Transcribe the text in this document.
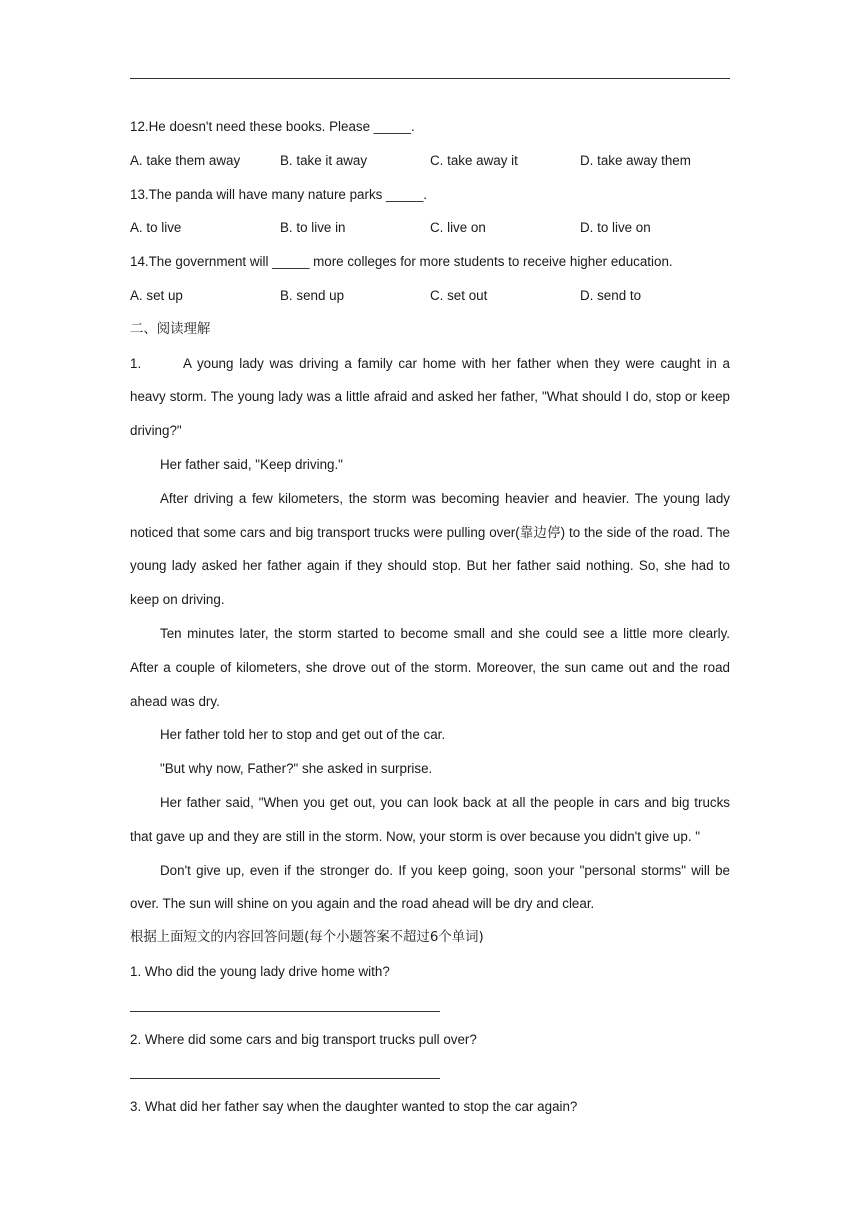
12.He doesn't need these books. Please _____.
A. take them away	B. take it away	C. take away it	D. take away them
13.The panda will have many nature parks _____.
A. to live	B. to live in	C. live on	D. to live on
14.The government will _____ more colleges for more students to receive higher education.
A. set up	B. send up	C. set out	D. send to
二、阅读理解
1.	A young lady was driving a family car home with her father when they were caught in a heavy storm. The young lady was a little afraid and asked her father, "What should I do, stop or keep driving?"
Her father said, "Keep driving."
After driving a few kilometers, the storm was becoming heavier and heavier. The young lady noticed that some cars and big transport trucks were pulling over(靠边停) to the side of the road. The young lady asked her father again if they should stop. But her father said nothing. So, she had to keep on driving.
Ten minutes later, the storm started to become small and she could see a little more clearly. After a couple of kilometers, she drove out of the storm. Moreover, the sun came out and the road ahead was dry.
Her father told her to stop and get out of the car.
"But why now, Father?" she asked in surprise.
Her father said, "When you get out, you can look back at all the people in cars and big trucks that gave up and they are still in the storm. Now, your storm is over because you didn't give up. "
Don't give up, even if the stronger do. If you keep going, soon your "personal storms" will be over. The sun will shine on you again and the road ahead will be dry and clear.
根据上面短文的内容回答问题(每个小题答案不超过6个单词)
1. Who did the young lady drive home with?
2. Where did some cars and big transport trucks pull over?
3. What did her father say when the daughter wanted to stop the car again?
